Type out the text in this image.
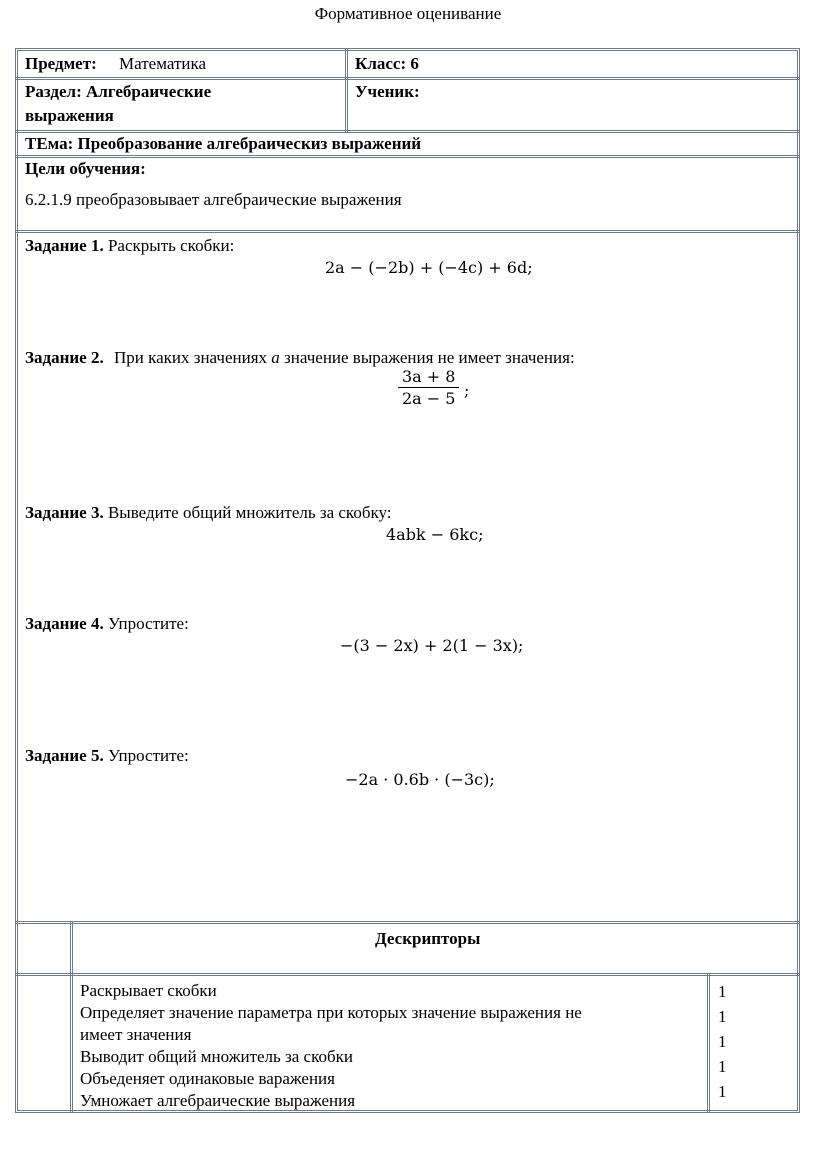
Формативное оценивание
Предмет: Математика	Класс: 6
Раздел: Алгебраические
выражения
Ученик:
ТЕма: Преобразование алгебраическиз выражений
Цели обучения:
6.2.1.9 преобразовывает алгебраические выражения
Задание 1. Раскрыть скобки:
2a − (−2b) + (−4c) + 6d;
Задание 2. При каких значениях a значение выражения не имеет значения:
$\frac{3a + 8}{2a - 5}$ ;
Задание 3. Выведите общий множитель за скобку:
4abk − 6kc;
Задание 4. Упростите:
−(3 − 2x) + 2(1 − 3x);
Задание 5. Упростите:
−2a · 0.6b · (−3c);
Дескрипторы
Раскрывает скобки
Определяет значение параметра при которых значение выражения не
имеет значения
Выводит общий множитель за скобки
Объеденяет одинаковые варажения
Умножает алгебраические выражения
1
1
1
1
1
